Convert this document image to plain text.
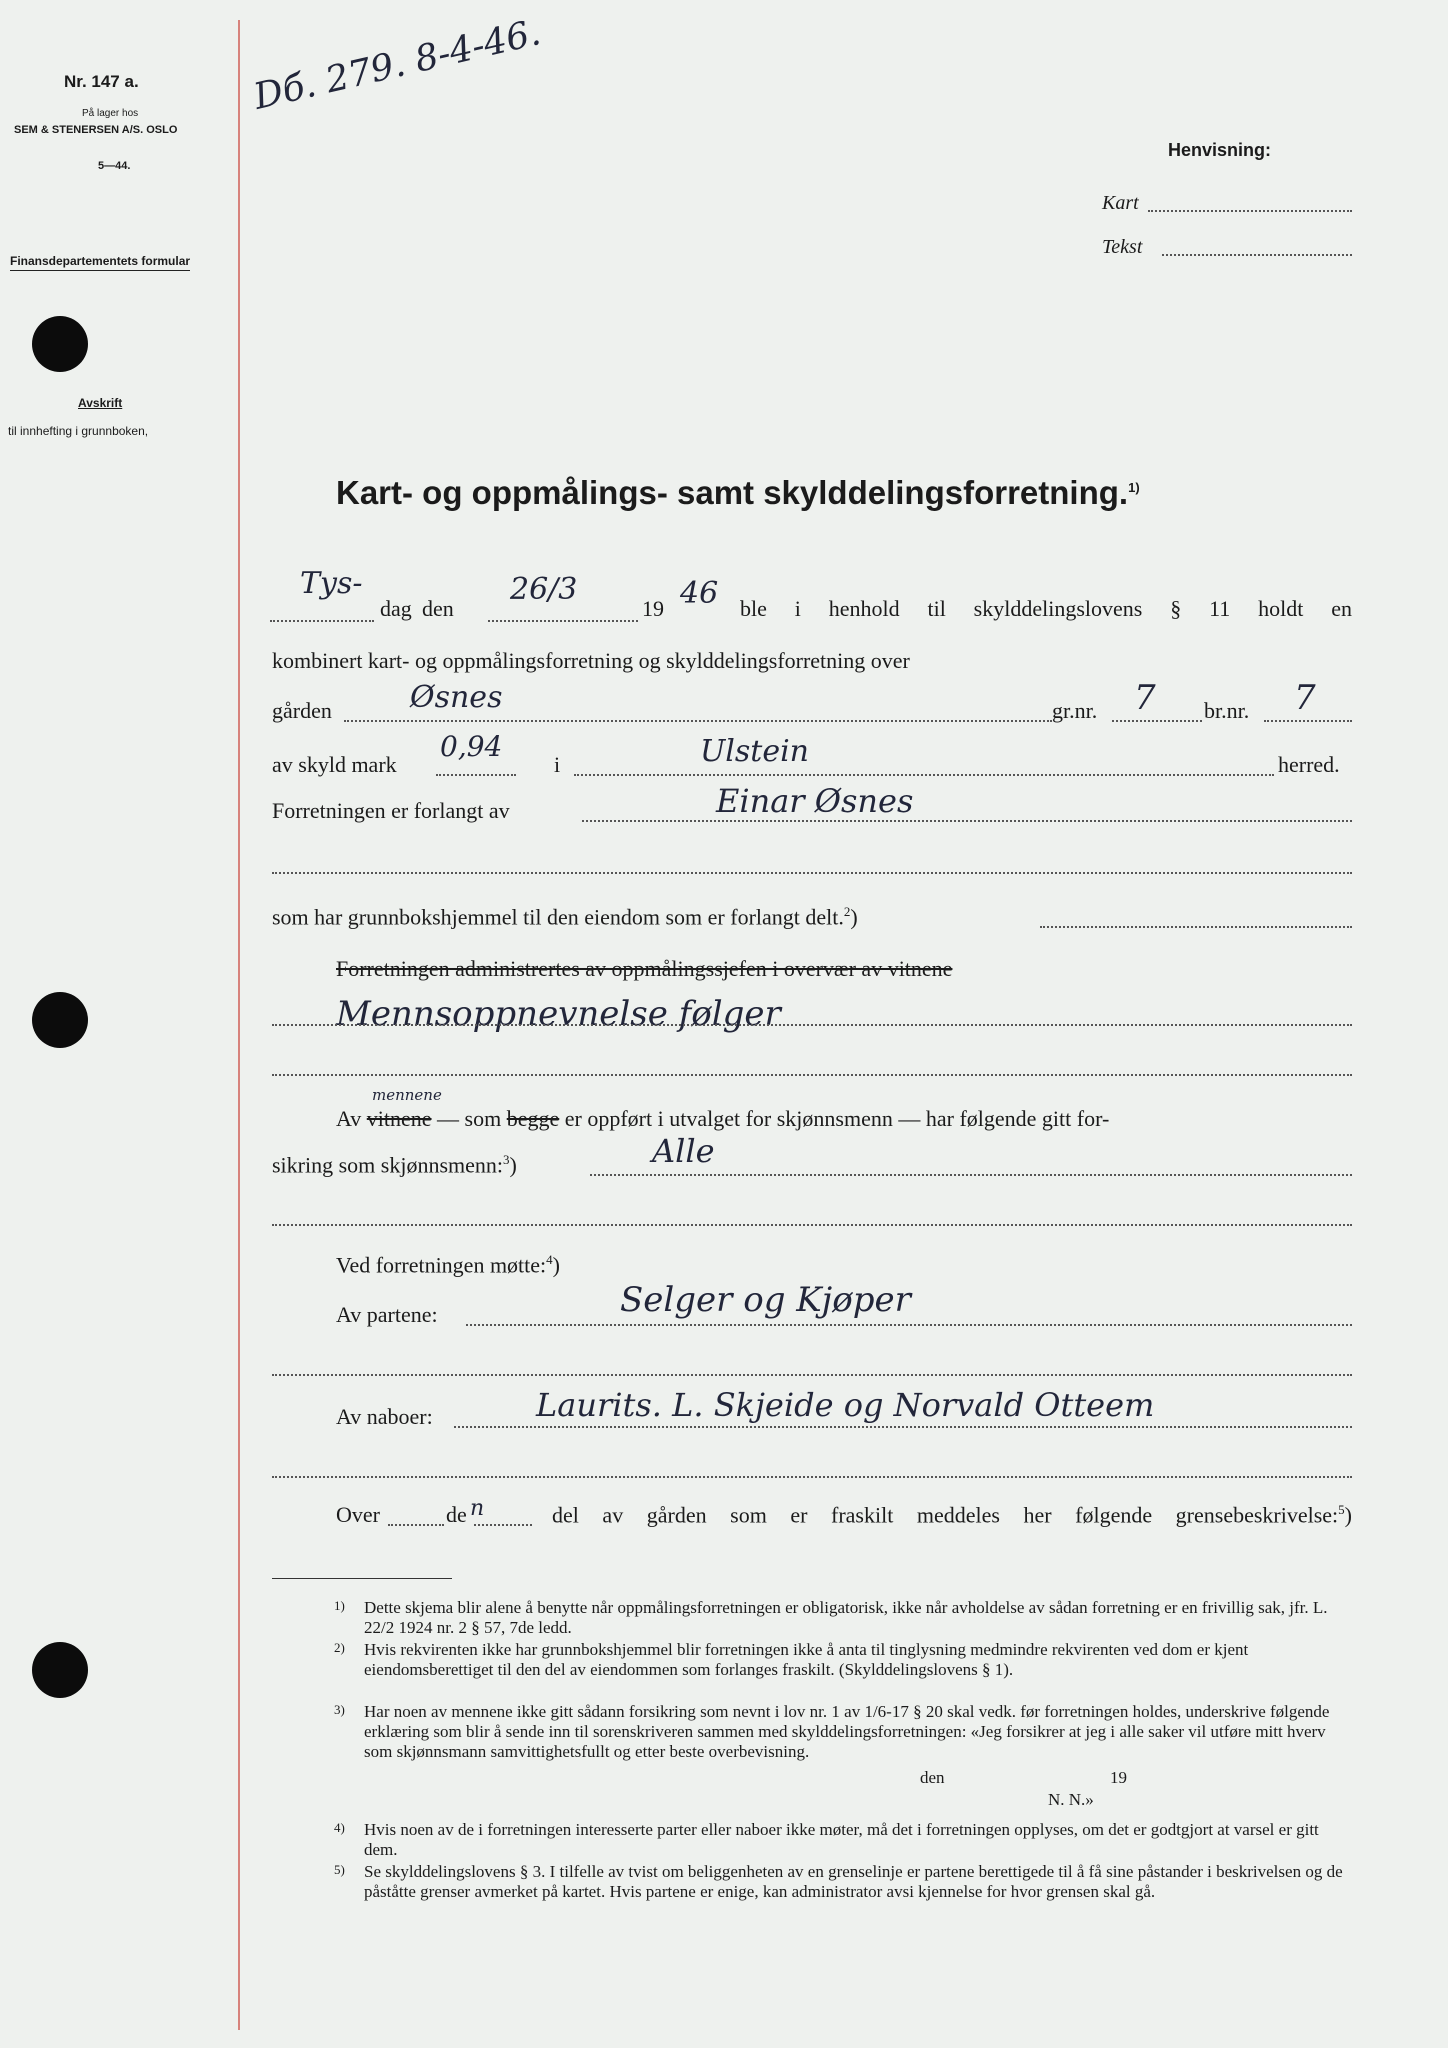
Nr. 147 a.
På lager hos
SEM & STENERSEN A/S. OSLO
5—44.
Finansdepartementets formular
Avskrift
til innhefting i grunnboken,
Dб. 279. 8-4-46.
Henvisning:
Kart
Tekst
Kart- og oppmålings- samt skylddelingsforretning.$^{1)}$
Tys-
dag den
26/3
19 46 ble i henhold til skylddelingslovens § 11 holdt en
kombinert kart- og oppmålingsforretning og skylddelingsforretning over
gården	Øsnes	gr.nr. 7 br.nr. 7
av skyld mark
0,94
i	Ulstein	herred.
Forretningen er forlangt av	Einar Øsnes
som har grunnbokshjemmel til den eiendom som er forlangt delt.$^2$)
Forretningen administrertes av oppmålingssjefen i overvær av vitnene
Mennsoppnevnelse følger
mennene
Av vitnene — som begge er oppført i utvalget for skjønnsmenn — har følgende gitt for-
sikring som skjønnsmenn:$^3$)	Alle
Ved forretningen møtte:$^4$)
Av partene:	Selger og Kjøper
Av naboer:	Laurits. L. Skjeide og Norvald Otteem
Over	de n	del av gården som er fraskilt meddeles her følgende grensebeskrivelse:$^5$)
1) Dette skjema blir alene å benytte når oppmålingsforretningen er obligatorisk, ikke når avholdelse av sådan forretning er en frivillig sak, jfr. L. 22/2 1924 nr. 2 § 57, 7de ledd.
2) Hvis rekvirenten ikke har grunnbokshjemmel blir forretningen ikke å anta til tinglysning medmindre rekvirenten ved dom er kjent eiendomsberettiget til den del av eiendommen som forlanges fraskilt. (Skylddelingslovens § 1).
3) Har noen av mennene ikke gitt sådann forsikring som nevnt i lov nr. 1 av 1/6-17 § 20 skal vedk. før forretningen holdes, underskrive følgende erklæring som blir å sende inn til sorenskriveren sammen med skylddelingsforretningen: «Jeg forsikrer at jeg i alle saker vil utføre mitt hverv som skjønnsmann samvittighetsfullt og etter beste overbevisning.
den	19
N. N.»
4) Hvis noen av de i forretningen interesserte parter eller naboer ikke møter, må det i forretningen opplyses, om det er godtgjort at varsel er gitt dem.
5) Se skylddelingslovens § 3. I tilfelle av tvist om beliggenheten av en grenselinje er partene berettigede til å få sine påstander i beskrivelsen og de påståtte grenser avmerket på kartet. Hvis partene er enige, kan administrator avsi kjennelse for hvor grensen skal gå.
